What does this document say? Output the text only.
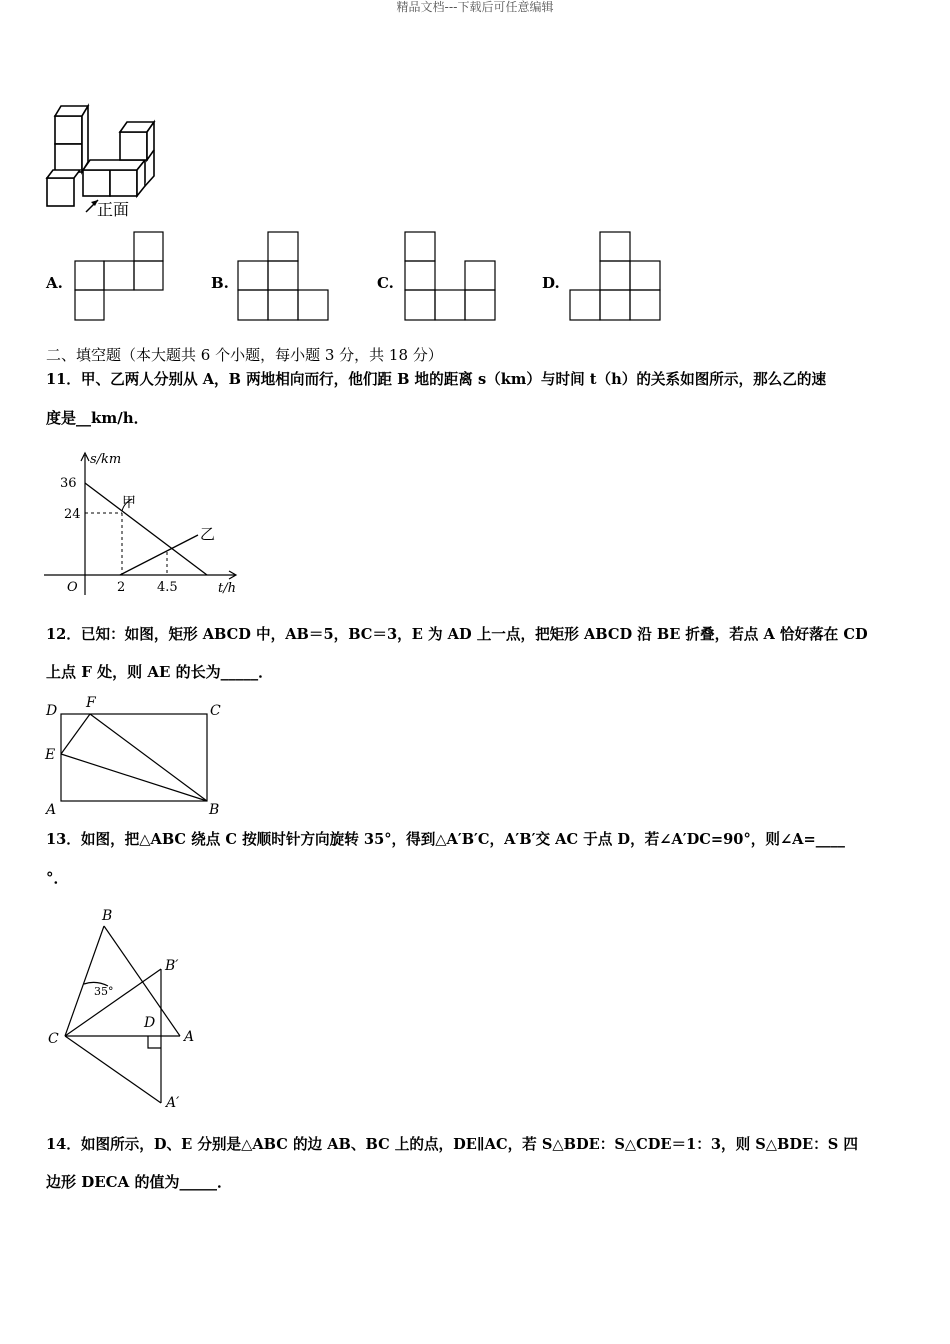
精品文档---下载后可任意编辑
正面
A.	B.	C.	D.
二、填空题（本大题共 6 个小题，每小题 3 分，共 18 分）
11．甲、乙两人分别从 A，B 两地相向而行，他们距 B 地的距离 s（km）与时间 t（h）的关系如图所示，那么乙的速
度是__km/h．
s/km
t/h
O
36
24
2 4.5
甲
乙
12．已知：如图，矩形 ABCD 中，AB＝5，BC＝3，E 为 AD 上一点，把矩形 ABCD 沿 BE 折叠，若点 A 恰好落在 CD
上点 F 处，则 AE 的长为_____．
D F	C
E
A	B
13．如图，把△ABC 绕点 C 按顺时针方向旋转 35°，得到△A′B′C，A′B′交 AC 于点 D，若∠A′DC=90°，则∠A=____
°．
B
B′
C
D
A
A′
35°
14．如图所示，D、E 分别是△ABC 的边 AB、BC 上的点，DE∥AC，若 S△BDE：S△CDE＝1：3，则 S△BDE：S 四
边形 DECA 的值为_____．
